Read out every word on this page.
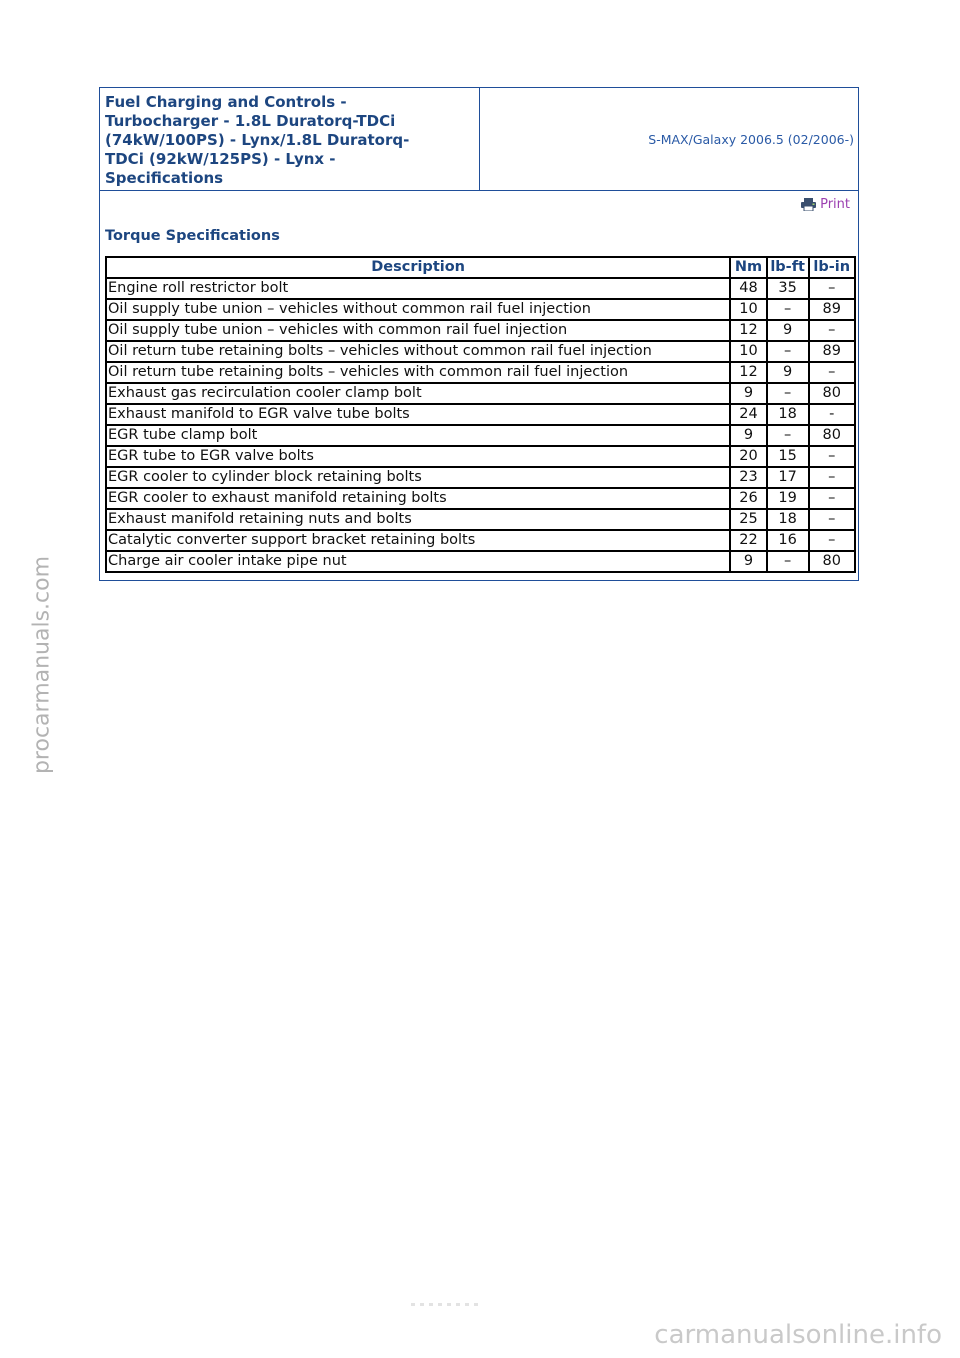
Fuel Charging and Controls -
Turbocharger - 1.8L Duratorq-TDCi
(74kW/100PS) - Lynx/1.8L Duratorq-
TDCi (92kW/125PS) - Lynx -
Specifications
S-MAX/Galaxy 2006.5 (02/2006-)
Print
Torque Specifications
Description	Nm	lb-ft	lb-in
Engine roll restrictor bolt	48	35	–
Oil supply tube union – vehicles without common rail fuel injection	10	–	89
Oil supply tube union – vehicles with common rail fuel injection	12	9	–
Oil return tube retaining bolts – vehicles without common rail fuel injection	10	–	89
Oil return tube retaining bolts – vehicles with common rail fuel injection	12	9	–
Exhaust gas recirculation cooler clamp bolt	9	–	80
Exhaust manifold to EGR valve tube bolts	24	18	-
EGR tube clamp bolt	9	–	80
EGR tube to EGR valve bolts	20	15	–
EGR cooler to cylinder block retaining bolts	23	17	–
EGR cooler to exhaust manifold retaining bolts	26	19	–
Exhaust manifold retaining nuts and bolts	25	18	–
Catalytic converter support bracket retaining bolts	22	16	–
Charge air cooler intake pipe nut	9	–	80
procarmanuals.com
carmanualsonline.info
